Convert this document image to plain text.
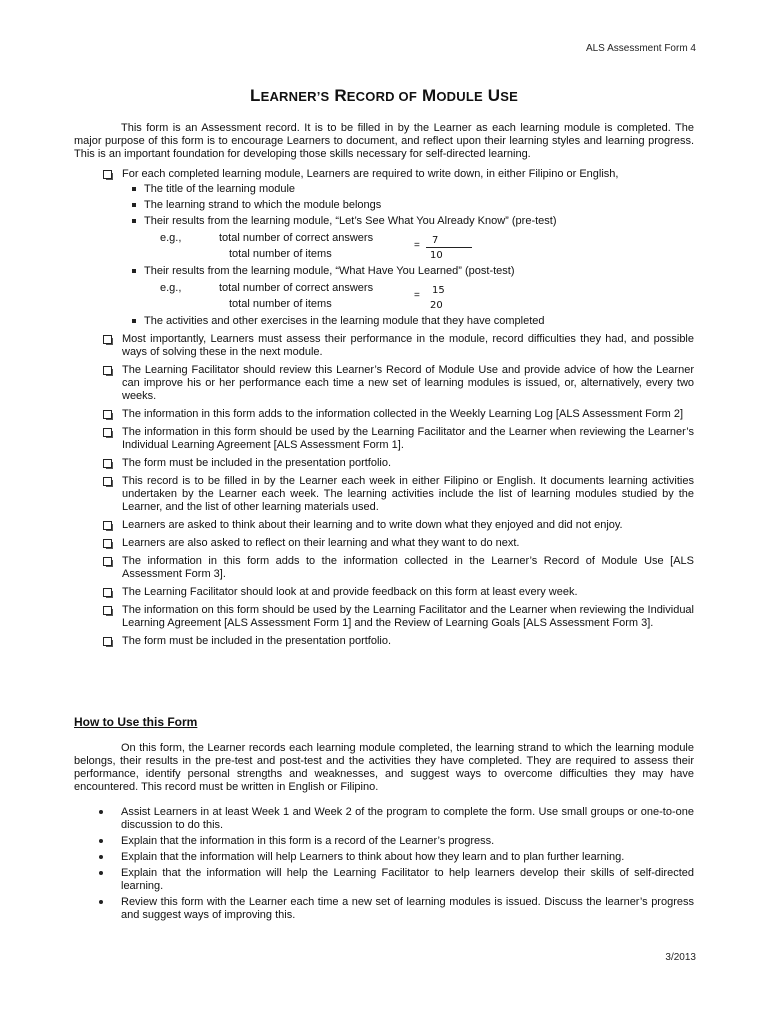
ALS Assessment Form 4
LEARNER’S RECORD OF MODULE USE
This form is an Assessment record. It is to be filled in by the Learner as each learning module is completed. The major purpose of this form is to encourage Learners to document, and reflect upon their learning styles and learning progress. This is an important foundation for developing those skills necessary for self-directed learning.
For each completed learning module, Learners are required to write down, in either Filipino or English,
The title of the learning module
The learning strand to which the module belongs
Their results from the learning module, “Let’s See What You Already Know” (pre-test)
e.g.,	total number of correct answers
total number of items
= 7
10
Their results from the learning module, “What Have You Learned” (post-test)
e.g.,	total number of correct answers
total number of items
= 15
20
The activities and other exercises in the learning module that they have completed
Most importantly, Learners must assess their performance in the module, record difficulties they had, and possible ways of solving these in the next module.
The Learning Facilitator should review this Learner’s Record of Module Use and provide advice of how the Learner can improve his or her performance each time a new set of learning modules is issued, or, alternatively, every two weeks.
The information in this form adds to the information collected in the Weekly Learning Log [ALS Assessment Form 2]
The information in this form should be used by the Learning Facilitator and the Learner when reviewing the Learner’s Individual Learning Agreement [ALS Assessment Form 1].
The form must be included in the presentation portfolio.
This record is to be filled in by the Learner each week in either Filipino or English. It documents learning activities undertaken by the Learner each week. The learning activities include the list of learning modules studied by the Learner, and the list of other learning materials used.
Learners are asked to think about their learning and to write down what they enjoyed and did not enjoy.
Learners are also asked to reflect on their learning and what they want to do next.
The information in this form adds to the information collected in the Learner’s Record of Module Use [ALS Assessment Form 3].
The Learning Facilitator should look at and provide feedback on this form at least every week.
The information on this form should be used by the Learning Facilitator and the Learner when reviewing the Individual Learning Agreement [ALS Assessment Form 1] and the Review of Learning Goals [ALS Assessment Form 3].
The form must be included in the presentation portfolio.
How to Use this Form
On this form, the Learner records each learning module completed, the learning strand to which the learning module belongs, their results in the pre-test and post-test and the activities they have completed. They are required to assess their performance, identify personal strengths and weaknesses, and suggest ways to overcome difficulties they may have encountered. This record must be written in English or Filipino.
Assist Learners in at least Week 1 and Week 2 of the program to complete the form. Use small groups or one-to-one discussion to do this.
Explain that the information in this form is a record of the Learner’s progress.
Explain that the information will help Learners to think about how they learn and to plan further learning.
Explain that the information will help the Learning Facilitator to help learners develop their skills of self-directed learning.
Review this form with the Learner each time a new set of learning modules is issued. Discuss the learner’s progress and suggest ways of improving this.
3/2013
